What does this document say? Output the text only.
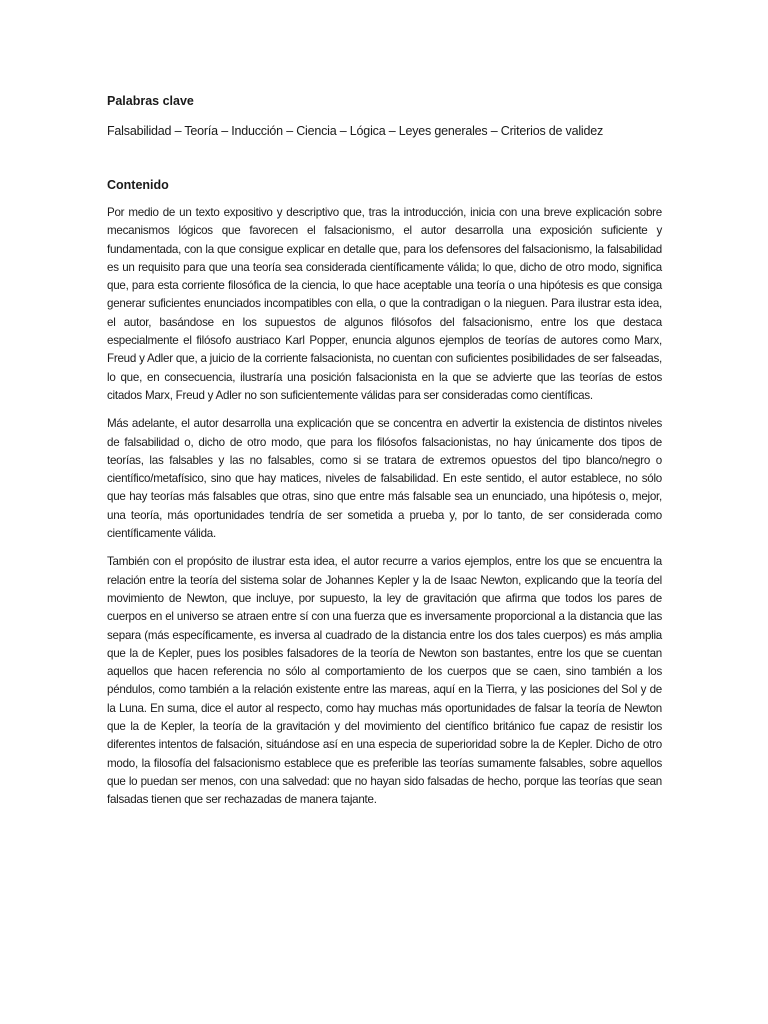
Palabras clave

Falsabilidad – Teoría – Inducción – Ciencia – Lógica – Leyes generales – Criterios de validez

Contenido

Por medio de un texto expositivo y descriptivo que, tras la introducción, inicia con una breve explicación sobre mecanismos lógicos que favorecen el falsacionismo, el autor desarrolla una exposición suficiente y fundamentada, con la que consigue explicar en detalle que, para los defensores del falsacionismo, la falsabilidad es un requisito para que una teoría sea considerada científicamente válida; lo que, dicho de otro modo, significa que, para esta corriente filosófica de la ciencia, lo que hace aceptable una teoría o una hipótesis es que consiga generar suficientes enunciados incompatibles con ella, o que la contradigan o la nieguen. Para ilustrar esta idea, el autor, basándose en los supuestos de algunos filósofos del falsacionismo, entre los que destaca especialmente el filósofo austriaco Karl Popper, enuncia algunos ejemplos de teorías de autores como Marx, Freud y Adler que, a juicio de la corriente falsacionista, no cuentan con suficientes posibilidades de ser falseadas, lo que, en consecuencia, ilustraría una posición falsacionista en la que se advierte que las teorías de estos citados Marx, Freud y Adler no son suficientemente válidas para ser consideradas como científicas.

Más adelante, el autor desarrolla una explicación que se concentra en advertir la existencia de distintos niveles de falsabilidad o, dicho de otro modo, que para los filósofos falsacionistas, no hay únicamente dos tipos de teorías, las falsables y las no falsables, como si se tratara de extremos opuestos del tipo blanco/negro o científico/metafísico, sino que hay matices, niveles de falsabilidad. En este sentido, el autor establece, no sólo que hay teorías más falsables que otras, sino que entre más falsable sea un enunciado, una hipótesis o, mejor, una teoría, más oportunidades tendría de ser sometida a prueba y, por lo tanto, de ser considerada como científicamente válida.

También con el propósito de ilustrar esta idea, el autor recurre a varios ejemplos, entre los que se encuentra la relación entre la teoría del sistema solar de Johannes Kepler y la de Isaac Newton, explicando que la teoría del movimiento de Newton, que incluye, por supuesto, la ley de gravitación que afirma que todos los pares de cuerpos en el universo se atraen entre sí con una fuerza que es inversamente proporcional a la distancia que las separa (más específicamente, es inversa al cuadrado de la distancia entre los dos tales cuerpos) es más amplia que la de Kepler, pues los posibles falsadores de la teoría de Newton son bastantes, entre los que se cuentan aquellos que hacen referencia no sólo al comportamiento de los cuerpos que se caen, sino también a los péndulos, como también a la relación existente entre las mareas, aquí en la Tierra, y las posiciones del Sol y de la Luna. En suma, dice el autor al respecto, como hay muchas más oportunidades de falsar la teoría de Newton que la de Kepler, la teoría de la gravitación y del movimiento del científico británico fue capaz de resistir los diferentes intentos de falsación, situándose así en una especia de superioridad sobre la de Kepler. Dicho de otro modo, la filosofía del falsacionismo establece que es preferible las teorías sumamente falsables, sobre aquellos que lo puedan ser menos, con una salvedad: que no hayan sido falsadas de hecho, porque las teorías que sean falsadas tienen que ser rechazadas de manera tajante.
